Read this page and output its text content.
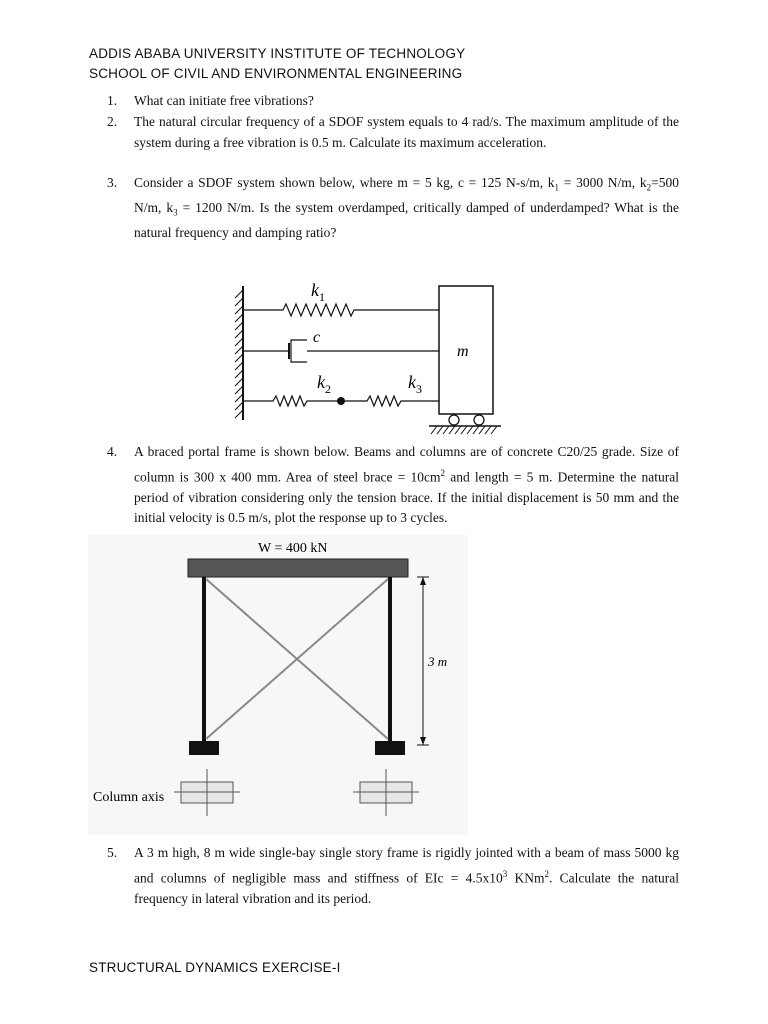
ADDIS ABABA UNIVERSITY INSTITUTE OF TECHNOLOGY
SCHOOL OF CIVIL AND ENVIRONMENTAL ENGINEERING
1. What can initiate free vibrations?
2. The natural circular frequency of a SDOF system equals to 4 rad/s. The maximum amplitude of the system during a free vibration is 0.5 m. Calculate its maximum acceleration.
3. Consider a SDOF system shown below, where m = 5 kg, c = 125 N-s/m, $k_1 = 3000$ N/m, $k_2=500$ N/m, $k_3 = 1200$ N/m. Is the system overdamped, critically damped of underdamped? What is the natural frequency and damping ratio?
m
$k_1$
c
$k_2$	$k_3$
4. A braced portal frame is shown below. Beams and columns are of concrete C20/25 grade. Size of column is 300 x 400 mm. Area of steel brace = $10cm^2$ and length = 5 m. Determine the natural period of vibration considering only the tension brace. If the initial displacement is 50 mm and the initial velocity is 0.5 m/s, plot the response up to 3 cycles.
W = 400 kN
3 m
Column axis
5. A 3 m high, 8 m wide single-bay single story frame is rigidly jointed with a beam of mass 5000 kg and columns of negligible mass and stiffness of EIc = $4.5x10^3$ KNm$^2$. Calculate the natural frequency in lateral vibration and its period.
STRUCTURAL DYNAMICS EXERCISE-I
